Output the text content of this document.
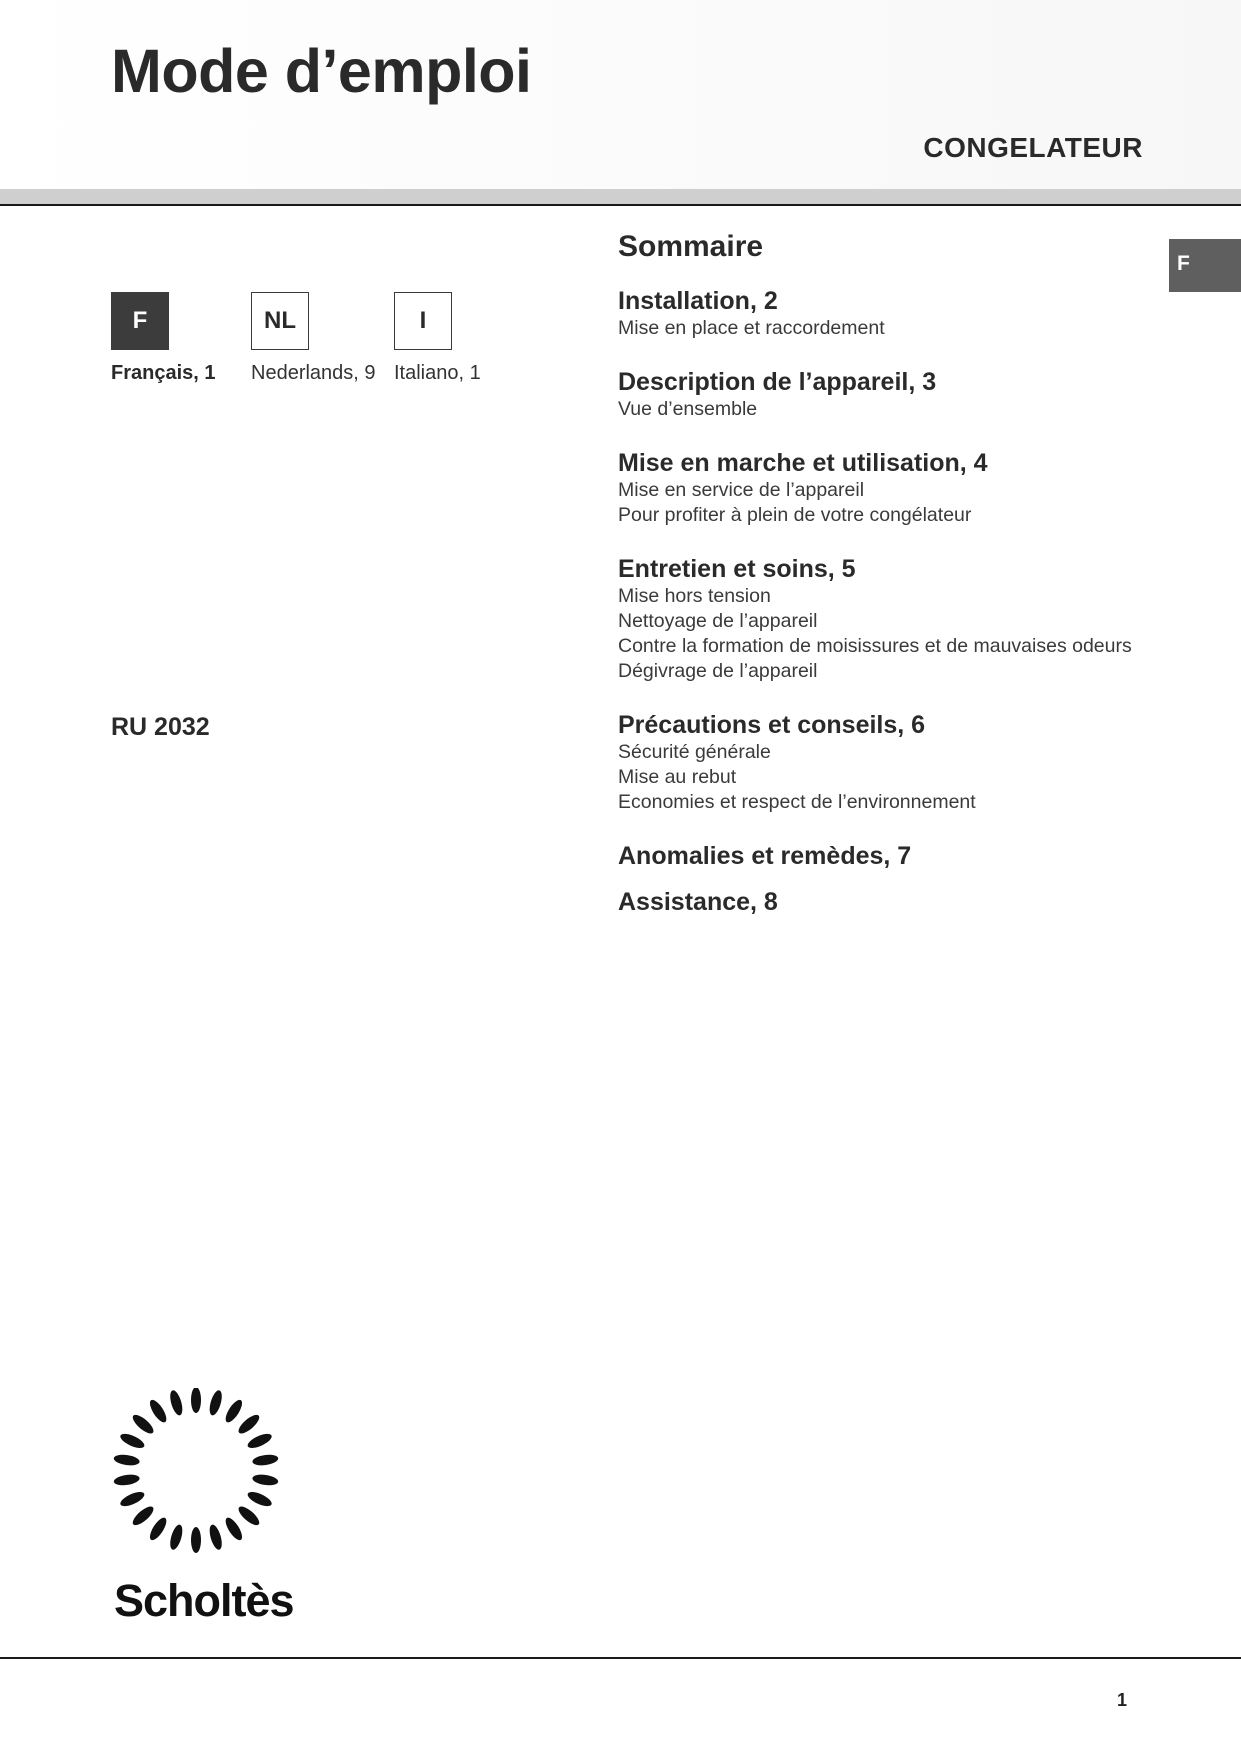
Mode d’emploi
CONGELATEUR
F
F	NL	I
Français, 1 Nederlands, 9 Italiano, 1
RU 2032
Sommaire
Installation, 2
Mise en place et raccordement
Description de l’appareil, 3
Vue d’ensemble
Mise en marche et utilisation, 4
Mise en service de l’appareil
Pour profiter à plein de votre congélateur
Entretien et soins, 5
Mise hors tension
Nettoyage de l’appareil
Contre la formation de moisissures et de mauvaises odeurs
Dégivrage de l’appareil
Précautions et conseils, 6
Sécurité générale
Mise au rebut
Economies et respect de l’environnement
Anomalies et remèdes, 7
Assistance, 8
Scholtès
1
